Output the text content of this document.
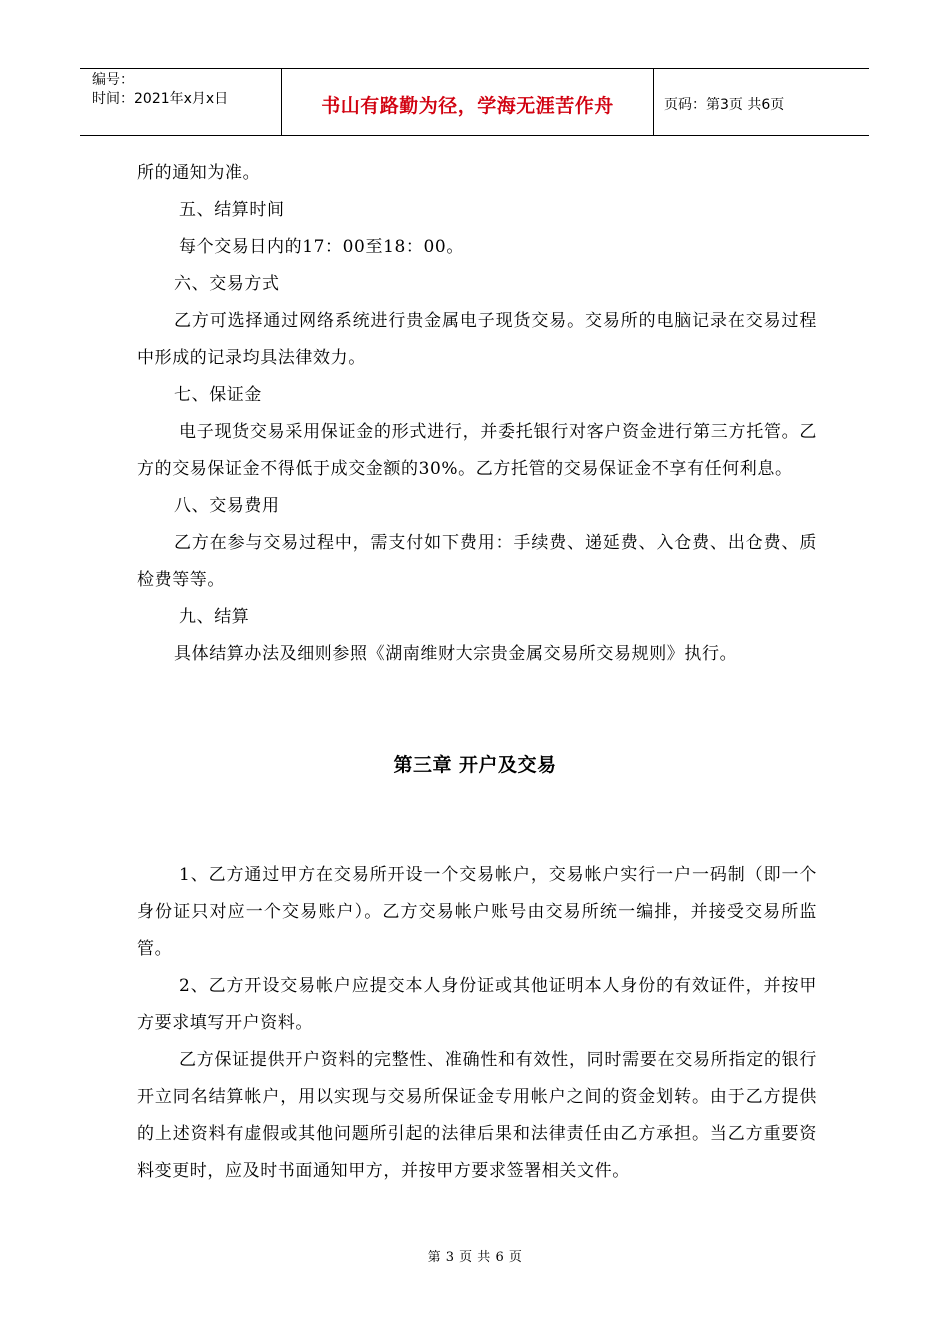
编号：
时间：2021年x月x日	书山有路勤为径，学海无涯苦作舟	页码：第3页 共6页

所的通知为准。

五、结算时间

每个交易日内的17：00至18：00。

六、交易方式

乙方可选择通过网络系统进行贵金属电子现货交易。交易所的电脑记录在交易过程中形成的记录均具法律效力。

七、保证金

电子现货交易采用保证金的形式进行，并委托银行对客户资金进行第三方托管。乙方的交易保证金不得低于成交金额的30%。乙方托管的交易保证金不享有任何利息。

八、交易费用

乙方在参与交易过程中，需支付如下费用：手续费、递延费、入仓费、出仓费、质检费等等。

九、结算

具体结算办法及细则参照《湖南维财大宗贵金属交易所交易规则》执行。

第三章 开户及交易

1、乙方通过甲方在交易所开设一个交易帐户，交易帐户实行一户一码制（即一个身份证只对应一个交易账户）。乙方交易帐户账号由交易所统一编排，并接受交易所监管。

2、乙方开设交易帐户应提交本人身份证或其他证明本人身份的有效证件，并按甲方要求填写开户资料。

乙方保证提供开户资料的完整性、准确性和有效性，同时需要在交易所指定的银行开立同名结算帐户，用以实现与交易所保证金专用帐户之间的资金划转。由于乙方提供的上述资料有虚假或其他问题所引起的法律后果和法律责任由乙方承担。当乙方重要资料变更时，应及时书面通知甲方，并按甲方要求签署相关文件。

第 3 页 共 6 页
